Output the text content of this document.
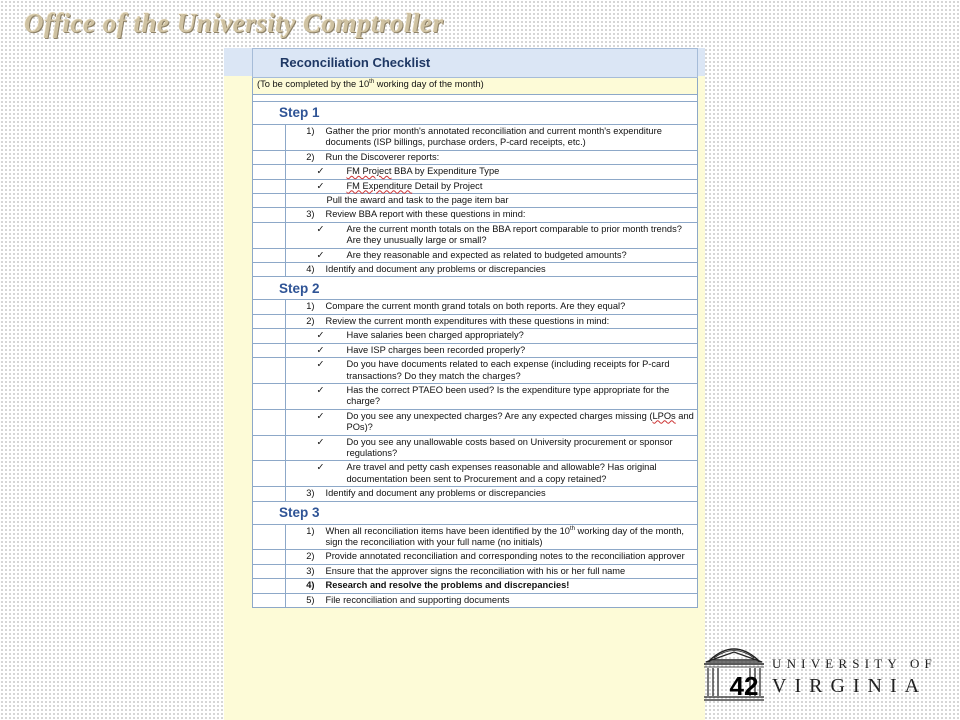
Office of the University Comptroller
Reconciliation Checklist	
(To be completed by the 10th working day of the month)	

Step 1	

	1) Gather the prior month's annotated reconciliation and current month's expenditure documents (ISP billings, purchase orders, P-card receipts, etc.)

	2) Run the Discoverer reports:

	✓ FM Project BBA by Expenditure Type

	✓ FM Expenditure Detail by Project

	Pull the award and task to the page item bar

	3) Review BBA report with these questions in mind:

	✓ Are the current month totals on the BBA report comparable to prior month trends? Are they unusually large or small?

	✓ Are they reasonable and expected as related to budgeted amounts?

	4) Identify and document any problems or discrepancies

Step 2	

	1) Compare the current month grand totals on both reports. Are they equal?

	2) Review the current month expenditures with these questions in mind:

	✓ Have salaries been charged appropriately?

	✓ Have ISP charges been recorded properly?

	✓ Do you have documents related to each expense (including receipts for P-card transactions? Do they match the charges?

	✓ Has the correct PTAEO been used? Is the expenditure type appropriate for the charge?

	✓ Do you see any unexpected charges? Are any expected charges missing (LPOs and POs)?

	✓ Do you see any unallowable costs based on University procurement or sponsor regulations?

	✓ Are travel and petty cash expenses reasonable and allowable? Has original documentation been sent to Procurement and a copy retained?

	3) Identify and document any problems or discrepancies

Step 3	

	1) When all reconciliation items have been identified by the 10th working day of the month, sign the reconciliation with your full name (no initials)

	2) Provide annotated reconciliation and corresponding notes to the reconciliation approver

	3) Ensure that the approver signs the reconciliation with his or her full name

	4) Research and resolve the problems and discrepancies!

	5) File reconciliation and supporting documents
42
UNIVERSITY OF
VIRGINIA
